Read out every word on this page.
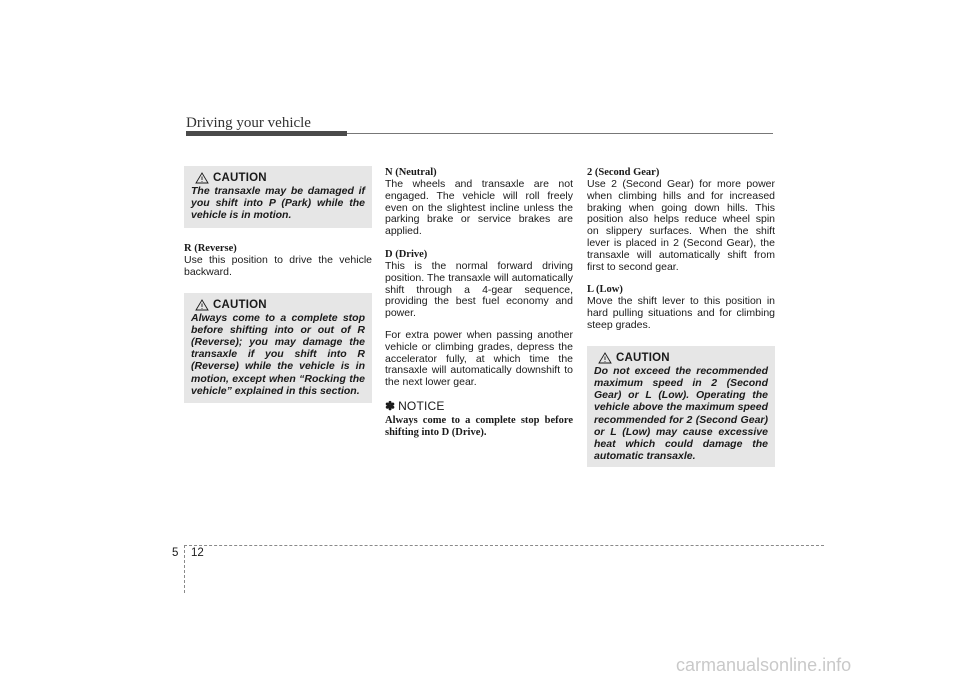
Driving your vehicle
CAUTION
The transaxle may be damaged if you shift into P (Park) while the vehicle is in motion.

R (Reverse)

Use this position to drive the vehicle backward.

CAUTION
Always come to a complete stop before shifting into or out of R (Reverse); you may damage the transaxle if you shift into R (Reverse) while the vehicle is in motion, except when “Rocking the vehicle” explained in this section.

N (Neutral)

The wheels and transaxle are not engaged. The vehicle will roll freely even on the slightest incline unless the parking brake or service brakes are applied.

D (Drive)

This is the normal forward driving position. The transaxle will automatically shift through a 4-gear sequence, providing the best fuel economy and power.

For extra power when passing another vehicle or climbing grades, depress the accelerator fully, at which time the transaxle will automatically downshift to the next lower gear.

✽ NOTICE
Always come to a complete stop before shifting into D (Drive).

2 (Second Gear)

Use 2 (Second Gear) for more power when climbing hills and for increased braking when going down hills. This position also helps reduce wheel spin on slippery surfaces. When the shift lever is placed in 2 (Second Gear), the transaxle will automatically shift from first to second gear.

L (Low)

Move the shift lever to this position in hard pulling situations and for climbing steep grades.

CAUTION
Do not exceed the recommended maximum speed in 2 (Second Gear) or L (Low). Operating the vehicle above the maximum speed recommended for 2 (Second Gear) or L (Low) may cause excessive heat which could damage the automatic transaxle.
5 12
carmanualsonline.info
